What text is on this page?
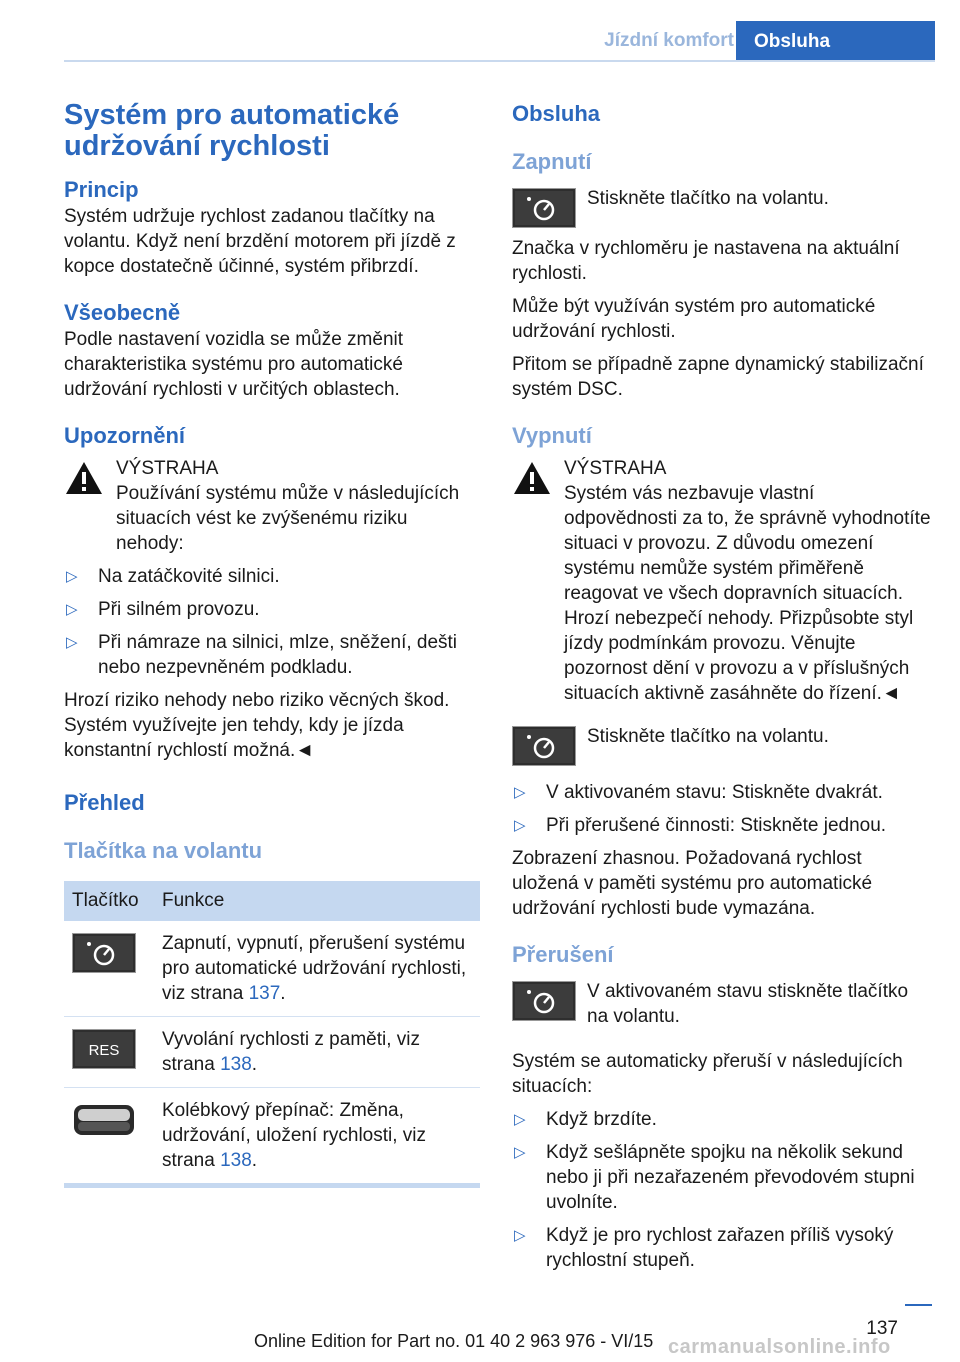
Jízdní komfort	Obsluha
Systém pro automatické udržování rychlosti
Princip

Systém udržuje rychlost zadanou tlačítky na volantu. Když není brzdění motorem při jízdě z kopce dostatečně účinné, systém přibrzdí.

Všeobecně

Podle nastavení vozidla se může změnit charakteristika systému pro automatické udržování rychlosti v určitých oblastech.

Upozornění
VÝSTRAHA
Používání systému může v následujících situacích vést ke zvýšenému riziku nehody:
▷ Na zatáčkovité silnici.
▷ Při silném provozu.
▷ Při námraze na silnici, mlze, sněžení, dešti nebo nezpevněném podkladu.

Hrozí riziko nehody nebo riziko věcných škod. Systém využívejte jen tehdy, kdy je jízda konstantní rychlostí možná.◄

Přehled
Tlačítka na volantu
Tlačítko	Funkce
	Zapnutí, vypnutí, přerušení systému pro automatické udržování rychlosti, viz strana 137.

RES	Vyvolání rychlosti z paměti, viz strana 138.
	Kolébkový přepínač: Změna, udržování, uložení rychlosti, viz strana 138.
Obsluha
Zapnutí
Stiskněte tlačítko na volantu.

Značka v rychloměru je nastavena na aktuální rychlosti.

Může být využíván systém pro automatické udržování rychlosti.

Přitom se případně zapne dynamický stabilizační systém DSC.

Vypnutí
VÝSTRAHA
Systém vás nezbavuje vlastní odpovědnosti za to, že správně vyhodnotíte situaci v provozu. Z důvodu omezení systému nemůže systém přiměřeně reagovat ve všech dopravních situacích. Hrozí nebezpečí nehody. Přizpůsobte styl jízdy podmínkám provozu. Věnujte pozornost dění v provozu a v příslušných situacích aktivně zasáhněte do řízení.◄
Stiskněte tlačítko na volantu.
▷ V aktivovaném stavu: Stiskněte dvakrát.
▷ Při přerušené činnosti: Stiskněte jednou.

Zobrazení zhasnou. Požadovaná rychlost uložená v paměti systému pro automatické udržování rychlosti bude vymazána.

Přerušení
V aktivovaném stavu stiskněte tlačítko na volantu.

Systém se automaticky přeruší v následujících situacích:

▷ Když brzdíte.
▷ Když sešlápněte spojku na několik sekund nebo ji při nezařazeném převodovém stupni uvolníte.
▷ Když je pro rychlost zařazen příliš vysoký rychlostní stupeň.
137
Online Edition for Part no. 01 40 2 963 976 - VI/15 carmanualsonline.info
